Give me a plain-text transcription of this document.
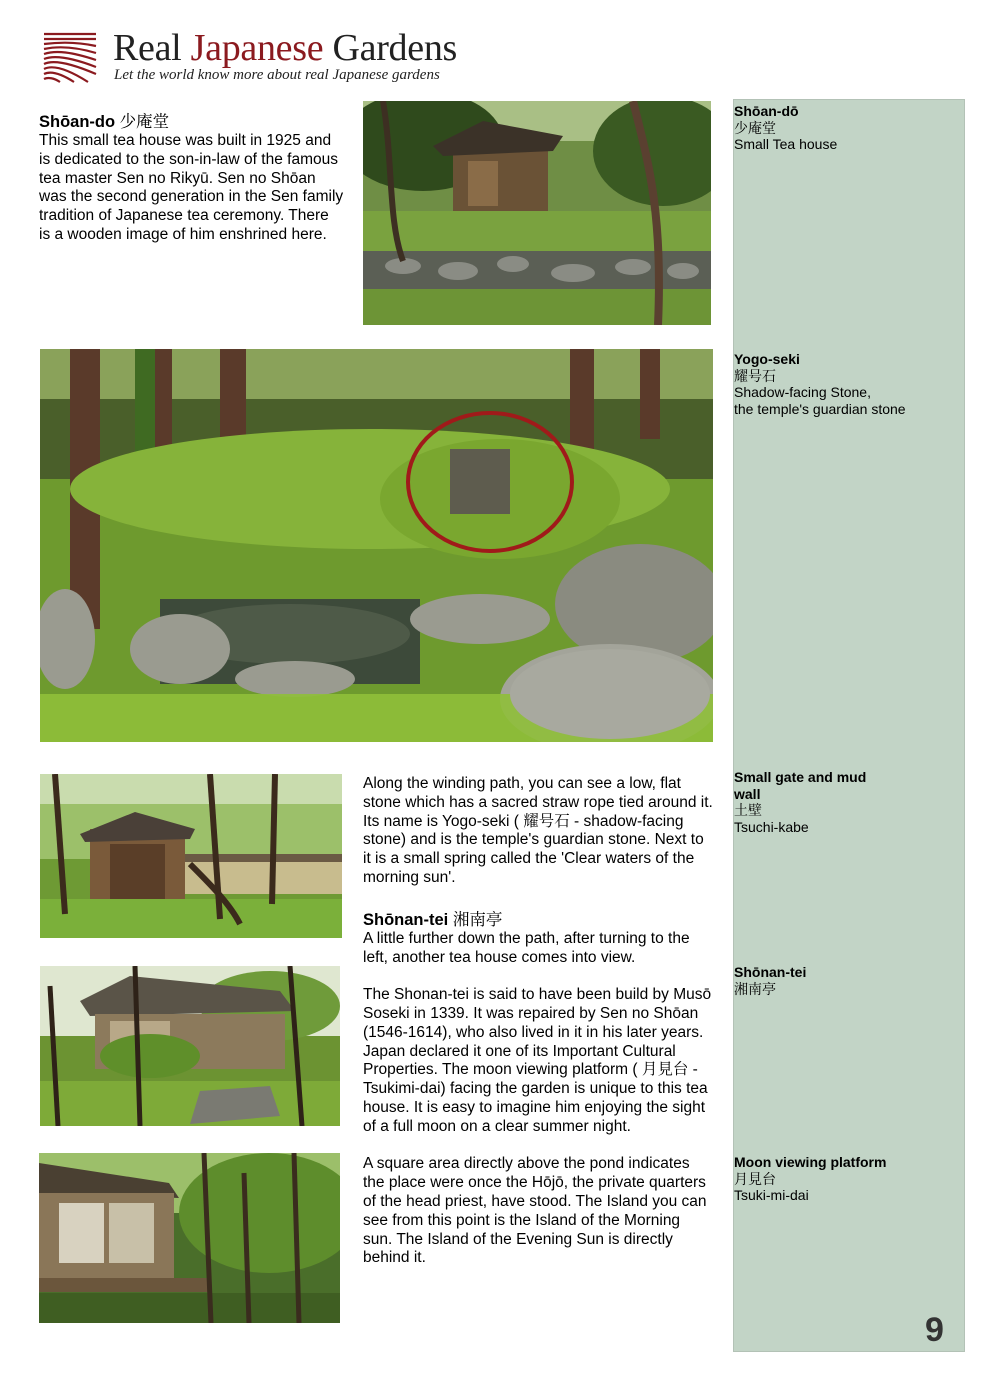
Real Japanese Gardens
Let the world know more about real Japanese gardens
Shōan-do 少庵堂
This small tea house was built in 1925 and is dedicated to the son-in-law of the famous tea master Sen no Rikyū. Sen no Shōan was the second generation in the Sen family tradition of Japanese tea ceremony. There is a wooden image of him enshrined here.
Along the winding path, you can see a low, flat stone which has a sacred straw rope tied around it. Its name is Yogo-seki ( 耀号石 - shadow-facing stone) and is the temple's guardian stone. Next to it is a small spring called the 'Clear waters of the morning sun'.
Shōnan-tei 湘南亭
A little further down the path, after turning to the left, another tea house comes into view.
The Shonan-tei is said to have been build by Musō Soseki in 1339. It was repaired by Sen no Shōan (1546-1614), who also lived in it in his later years. Japan declared it one of its Important Cultural Properties. The moon viewing platform ( 月見台 -Tsukimi-dai) facing the garden is unique to this tea house. It is easy to imagine him enjoying the sight of a full moon on a clear summer night.
A square area directly above the pond indicates the place were once the Hōjō, the private quarters of the head priest, have stood. The Island you can see from this point is the Island of the Morning sun. The Island of the Evening Sun is directly behind it.
Shōan-dō
少庵堂
Small Tea house
Yogo-seki
耀号石
Shadow-facing Stone,
the temple's guardian stone
Small gate and mud
wall
土壁
Tsuchi-kabe
Shōnan-tei
湘南亭
Moon viewing platform
月見台
Tsuki-mi-dai
9
